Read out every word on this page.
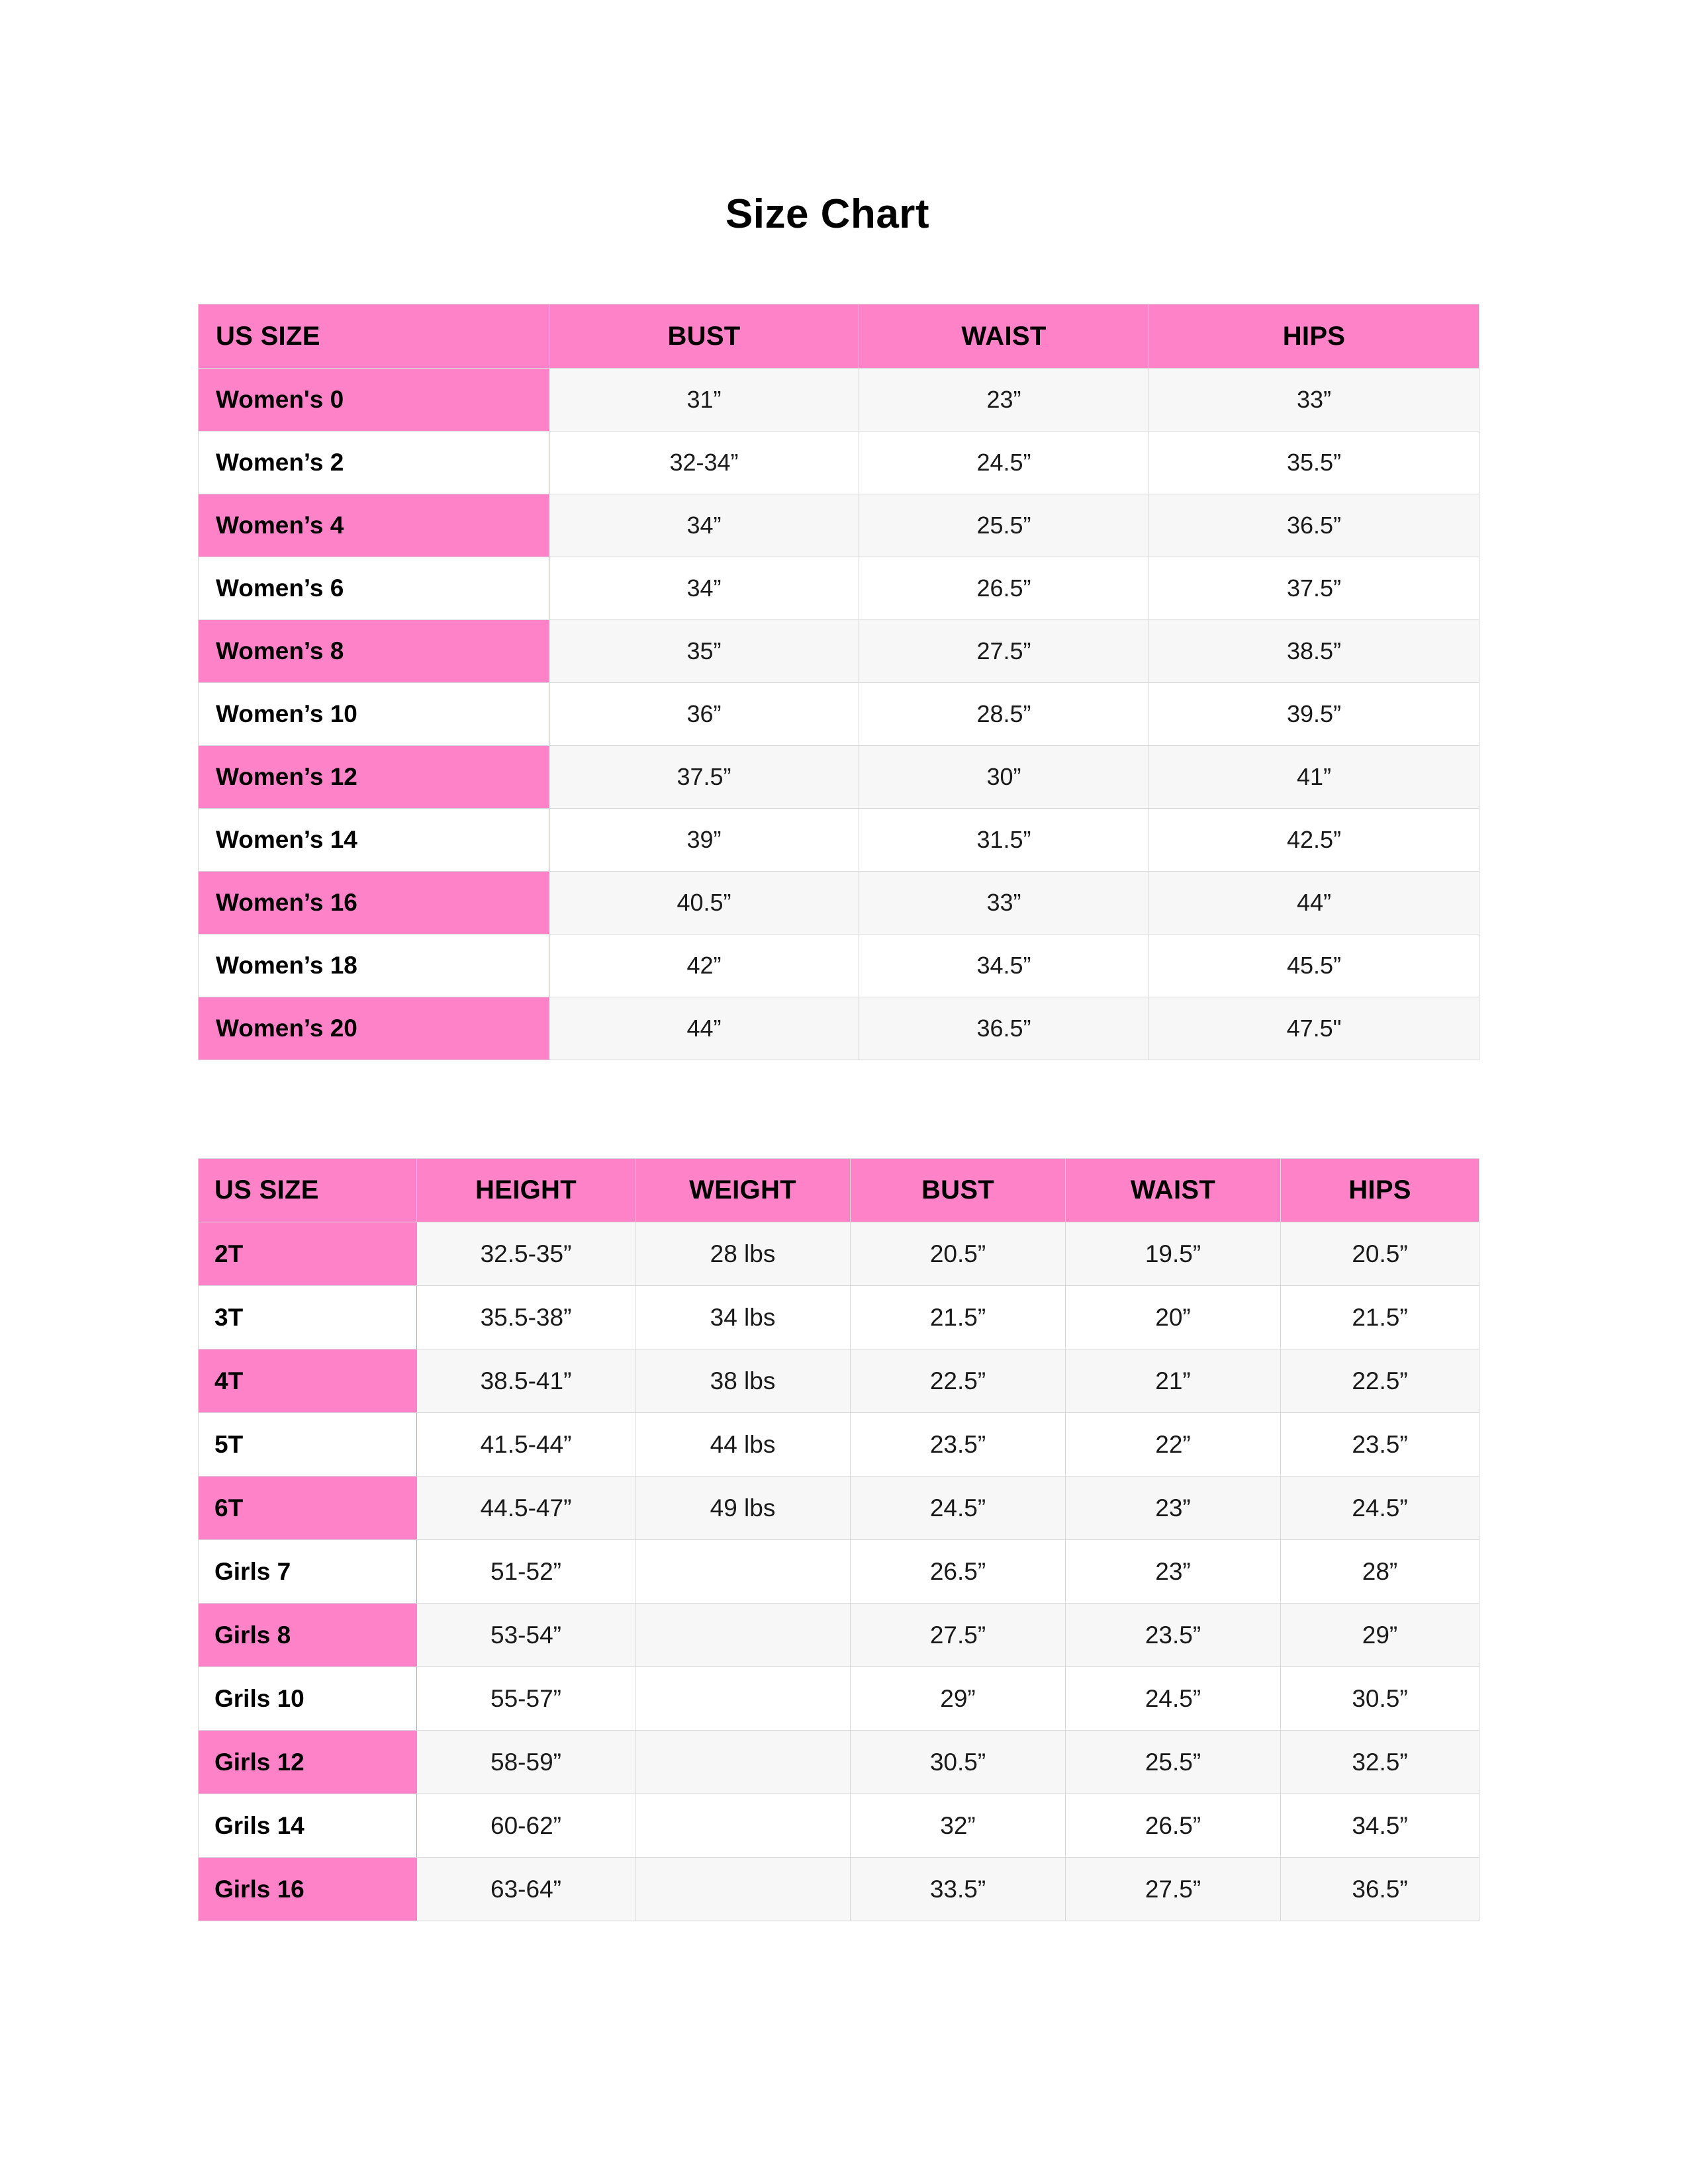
Size Chart
US SIZE	BUST	WAIST	HIPS
Women's 0	31”	23”	33”
Women’s 2	32-34”	24.5”	35.5”
Women’s 4	34”	25.5”	36.5”
Women’s 6	34”	26.5”	37.5”
Women’s 8	35”	27.5”	38.5”
Women’s 10	36”	28.5”	39.5”
Women’s 12	37.5”	30”	41”
Women’s 14	39”	31.5”	42.5”
Women’s 16	40.5”	33”	44”
Women’s 18	42”	34.5”	45.5”
Women’s 20	44”	36.5”	47.5"
US SIZE	HEIGHT	WEIGHT	BUST	WAIST	HIPS
2T	32.5-35”	28 lbs	20.5”	19.5”	20.5”
3T	35.5-38”	34 lbs	21.5”	20”	21.5”
4T	38.5-41”	38 lbs	22.5”	21”	22.5”
5T	41.5-44”	44 lbs	23.5”	22”	23.5”
6T	44.5-47”	49 lbs	24.5”	23”	24.5”
Girls 7	51-52”		26.5”	23”	28”
Girls 8	53-54”		27.5”	23.5”	29”
Grils 10	55-57”		29”	24.5”	30.5”
Girls 12	58-59”		30.5”	25.5”	32.5”
Grils 14	60-62”		32”	26.5”	34.5”
Girls 16	63-64”		33.5”	27.5”	36.5”
